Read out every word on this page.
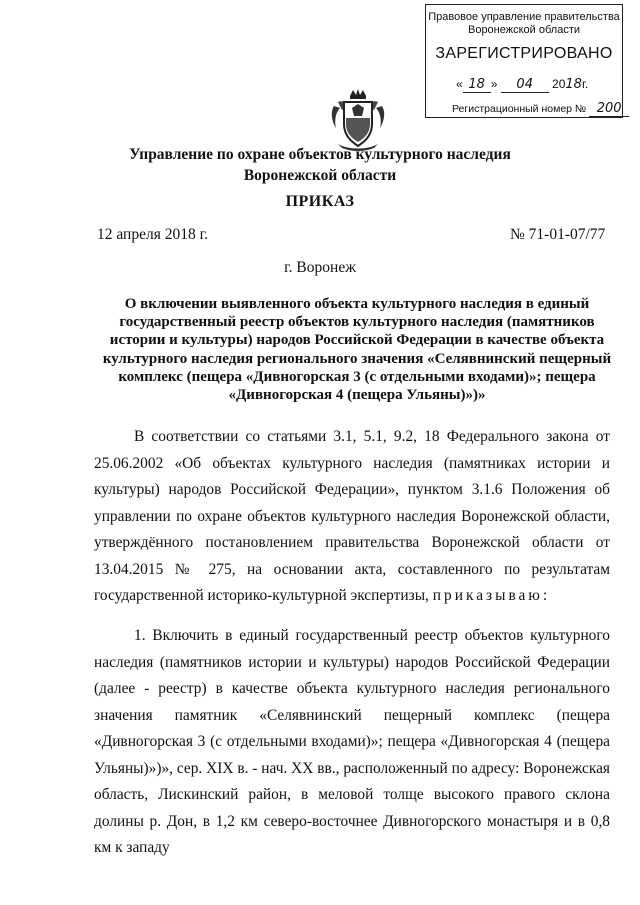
Правовое управление правительства
Воронежской области
ЗАРЕГИСТРИРОВАНО
« 18 » 04 2018г.
Регистрационный номер № 200
Управление по охране объектов культурного наследия
Воронежской области
ПРИКАЗ
12 апреля 2018 г.	№ 71-01-07/77
г. Воронеж
О включении выявленного объекта культурного наследия в единый государственный реестр объектов культурного наследия (памятников истории и культуры) народов Российской Федерации в качестве объекта культурного наследия регионального значения «Селявнинский пещерный комплекс (пещера «Дивногорская 3 (с отдельными входами)»; пещера «Дивногорская 4 (пещера Ульяны)»)»
В соответствии со статьями 3.1, 5.1, 9.2, 18 Федерального закона от 25.06.2002 «Об объектах культурного наследия (памятниках истории и культуры) народов Российской Федерации», пунктом 3.1.6 Положения об управлении по охране объектов культурного наследия Воронежской области, утверждённого постановлением правительства Воронежской области от 13.04.2015 № 275, на основании акта, составленного по результатам государственной историко-культурной экспертизы, приказываю:
1. Включить в единый государственный реестр объектов культурного наследия (памятников истории и культуры) народов Российской Федерации (далее - реестр) в качестве объекта культурного наследия регионального значения памятник «Селявнинский пещерный комплекс (пещера «Дивногорская 3 (с отдельными входами)»; пещера «Дивногорская 4 (пещера Ульяны)»)», сер. XIX в. - нач. XX вв., расположенный по адресу: Воронежская область, Лискинский район, в меловой толще высокого правого склона долины р. Дон, в 1,2 км северо-восточнее Дивногорского монастыря и в 0,8 км к западу
